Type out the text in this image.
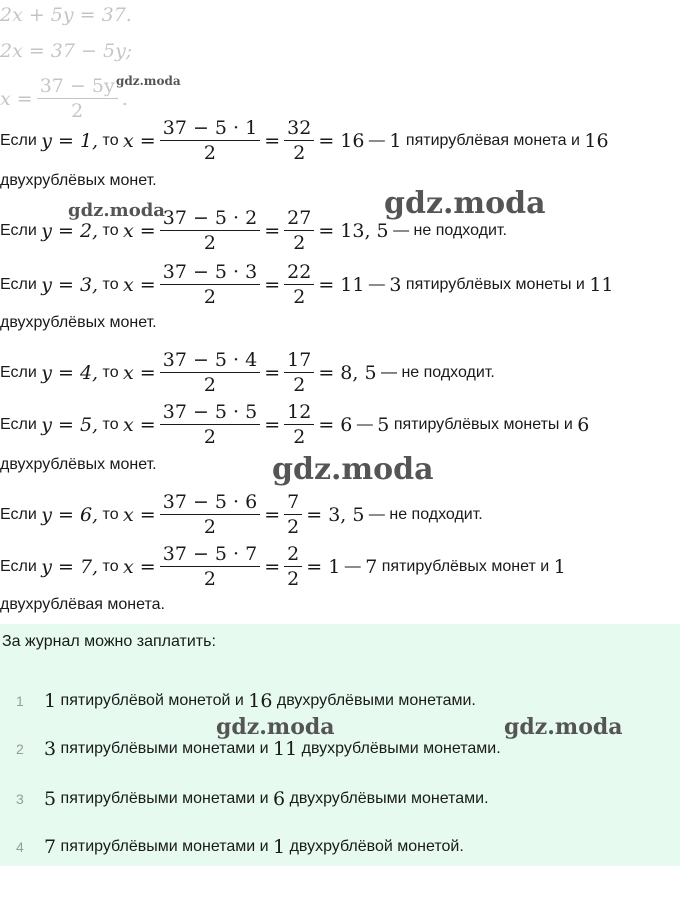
2x + 5y = 37.
2x = 37 − 5y;
$x = \frac{37 - 5y}{2}$ .
Если
y = 1,
то
$x = \frac{37 - 5 \cdot 1}{2} = \frac{32}{2} = 16$
—
1
пятирублёвая монета и
16
двухрублёвых монет.
Если
y = 2,
то
$x = \frac{37 - 5 \cdot 2}{2} = \frac{27}{2} = 13$, 5
—
не подходит.
Если
y = 3,
то
$x = \frac{37 - 5 \cdot 3}{2} = \frac{22}{2} = 11$
—
3
пятирублёвых монеты и
11
двухрублёвых монет.
Если
y = 4,
то
$x = \frac{37 - 5 \cdot 4}{2} = \frac{17}{2} = 8$, 5
—
не подходит.
Если
y = 5,
то
$x = \frac{37 - 5 \cdot 5}{2} = \frac{12}{2} = 6$
—
5
пятирублёвых монеты и
6
двухрублёвых монет.
Если
y = 6,
то
$x = \frac{37 - 5 \cdot 6}{2} = \frac{7}{2} = 3$, 5
—
не подходит.
Если
y = 7,
то
$x = \frac{37 - 5 \cdot 7}{2} = \frac{2}{2} = 1$
—
7
пятирублёвых монет и
1
двухрублёвая монета.
gdz.moda
gdz.moda
gdz.moda
gdz.moda
За журнал можно заплатить:
1	1
пятирублёвой монетой и
16
двухрублёвыми монетами.
2	3
пятирублёвыми монетами и
11
двухрублёвыми монетами.
3	5
пятирублёвыми монетами и
6
двухрублёвыми монетами.
4	7
пятирублёвыми монетами и
1
двухрублёвой монетой.
gdz.moda	gdz.moda
